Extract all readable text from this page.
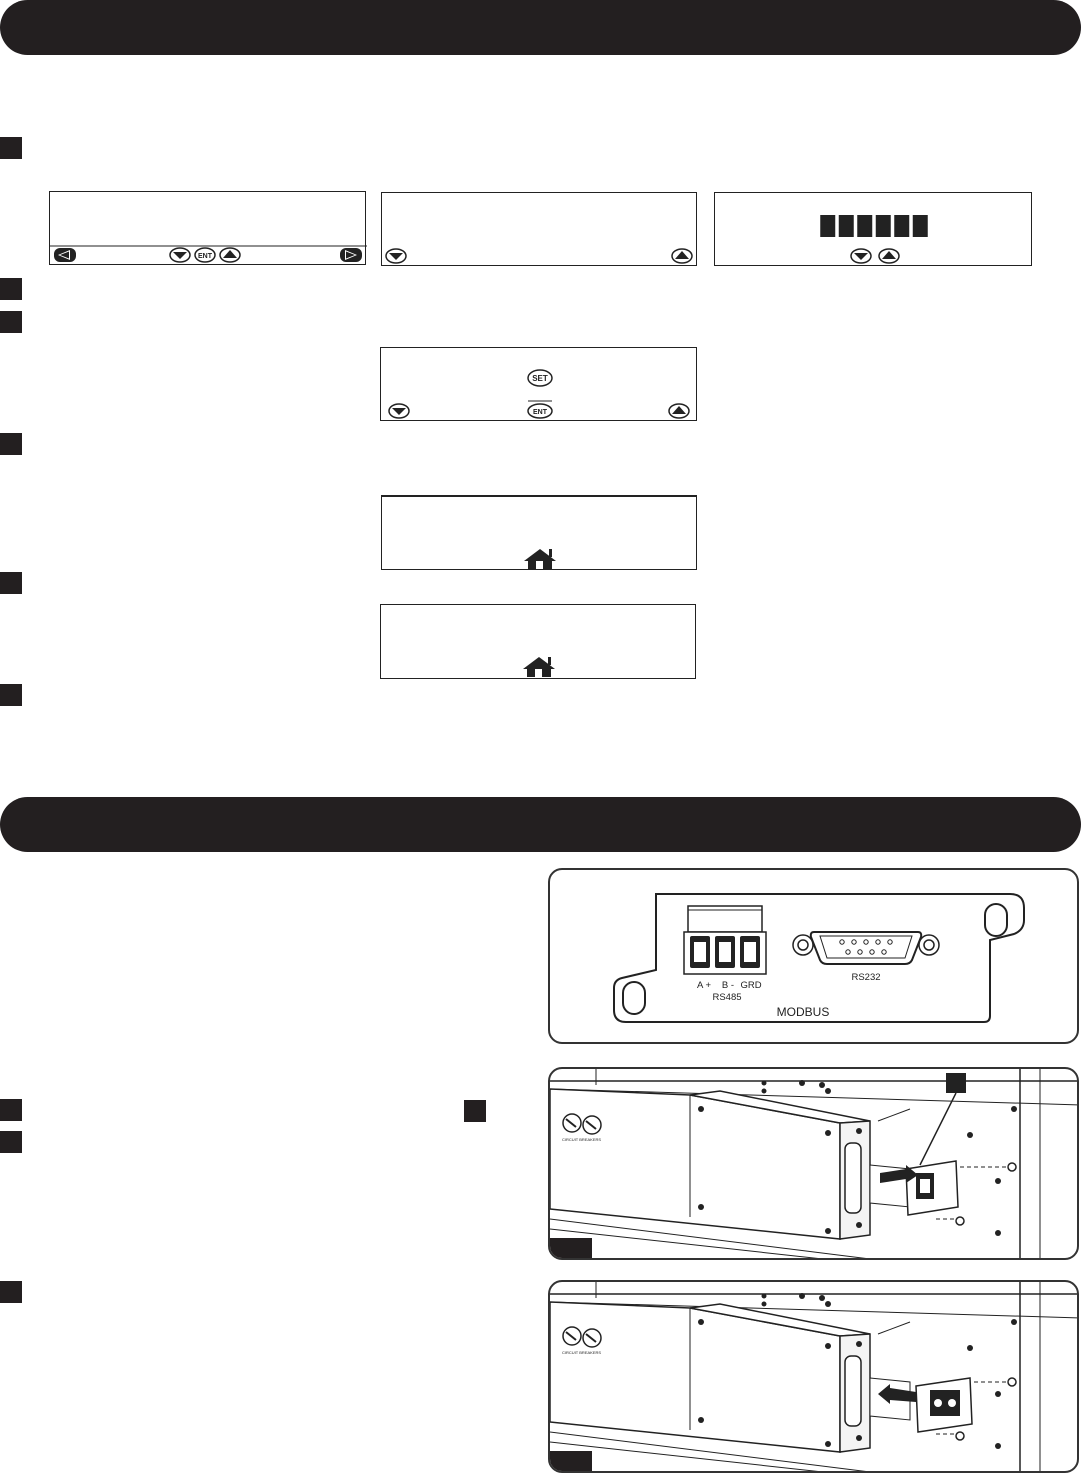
ENT
SET
ENT
A + B - GRD
RS485
RS232
MODBUS
CIRCUIT BREAKERS
CIRCUIT BREAKERS
